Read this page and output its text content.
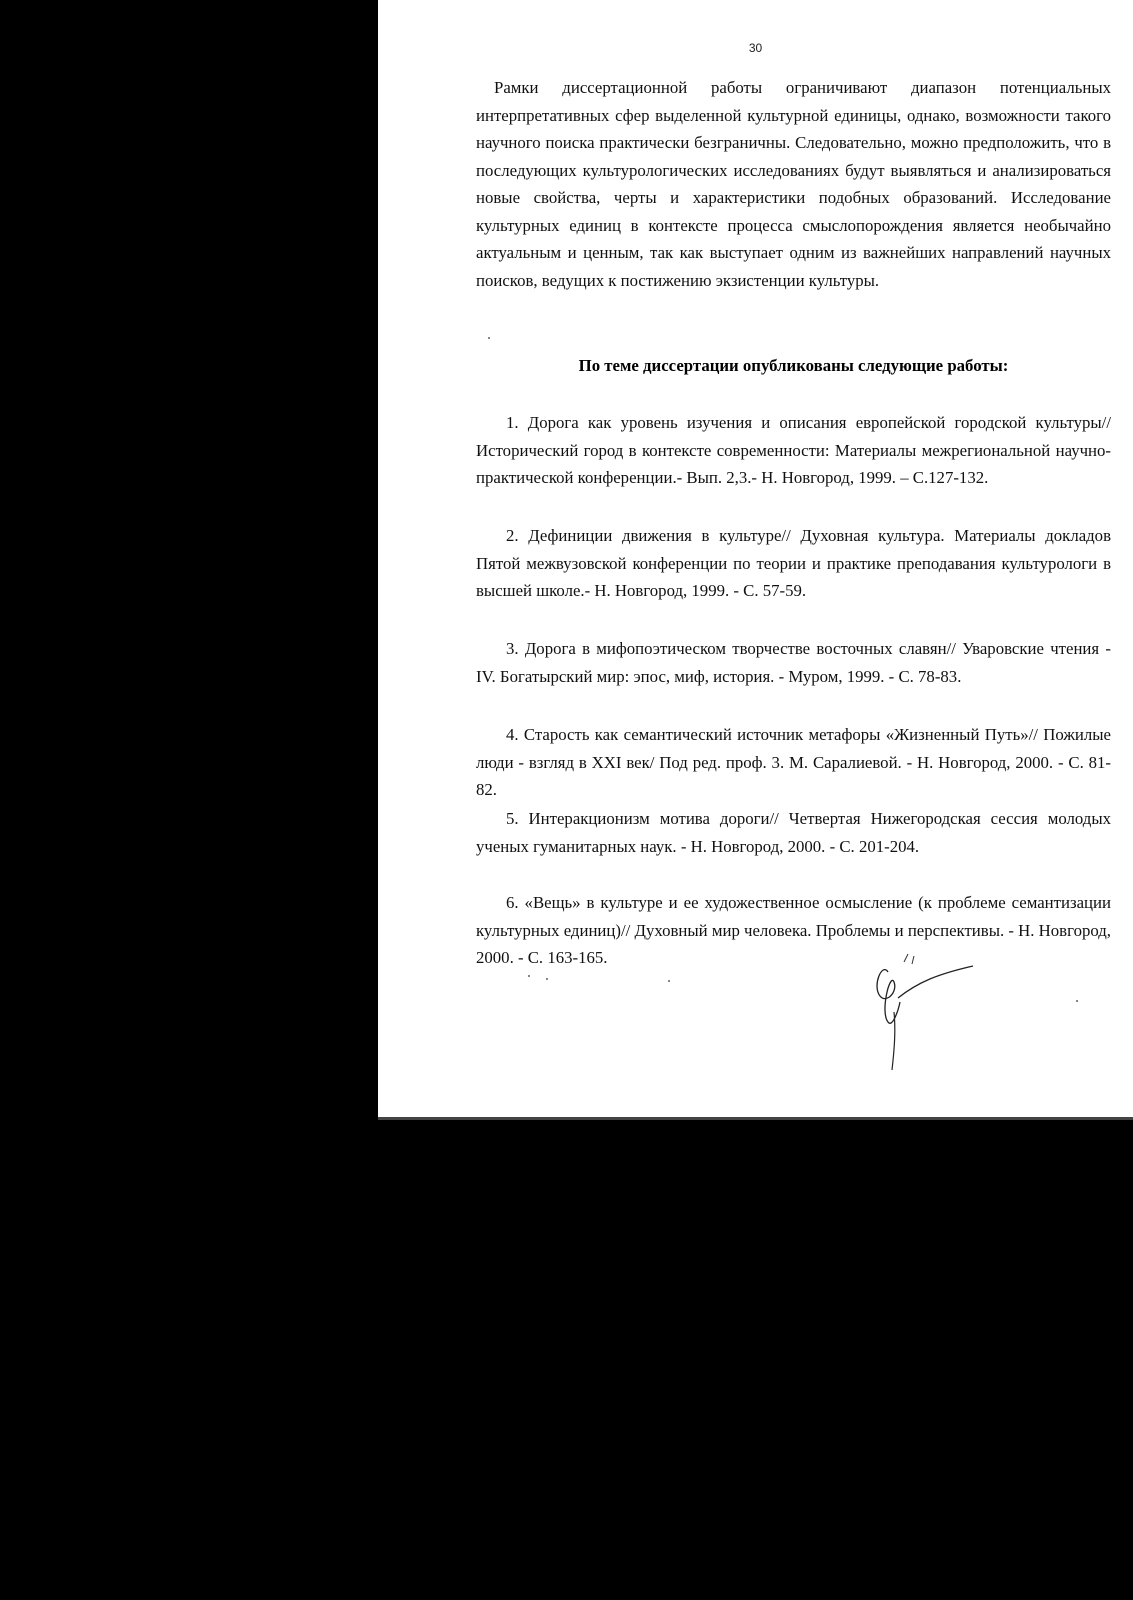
30
Рамки диссертационной работы ограничивают диапазон потенциальных интерпретативных сфер выделенной культурной единицы, однако, возможности такого научного поиска практически безграничны. Следовательно, можно предположить, что в последующих культурологических исследованиях будут выявляться и анализироваться новые свойства, черты и характеристики подобных образований. Исследование культурных единиц в контексте процесса смыслопорождения является необычайно актуальным и ценным, так как выступает одним из важнейших направлений научных поисков, ведущих к постижению экзистенции культуры.
По теме диссертации опубликованы следующие работы:
1. Дорога как уровень изучения и описания европейской городской культуры// Исторический город в контексте современности: Материалы межрегиональной научно-практической конференции.- Вып. 2,3.- Н. Новгород, 1999. – С.127-132.
2. Дефиниции движения в культуре// Духовная культура. Материалы докладов Пятой межвузовской конференции по теории и практике преподавания культурологи в высшей школе.- Н. Новгород, 1999. - С. 57-59.
3. Дорога в мифопоэтическом творчестве восточных славян// Уваровские чтения - IV. Богатырский мир: эпос, миф, история. - Муром, 1999. - С. 78-83.
4. Старость как семантический источник метафоры «Жизненный Путь»// Пожилые люди - взгляд в XXI век/ Под ред. проф. 3. М. Саралиевой. - Н. Новгород, 2000. - С. 81-82.
5. Интеракционизм мотива дороги// Четвертая Нижегородская сессия молодых ученых гуманитарных наук. - Н. Новгород, 2000. - С. 201-204.
6. «Вещь» в культуре и ее художественное осмысление (к проблеме семантизации культурных единиц)// Духовный мир человека. Проблемы и перспективы. - Н. Новгород, 2000. - С. 163-165.
